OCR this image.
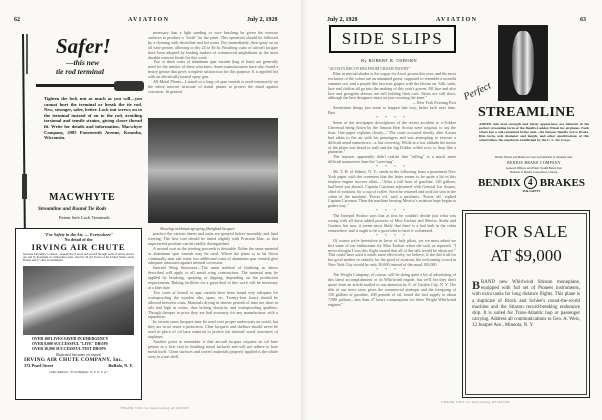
62	AVIATION	July 2, 1928
Safer!
—this new
tie rod terminal
Tighten the lock nut as much as you will—you cannot hurt the terminal or break the tie rod. New, stronger, safer, better. Lock nut screws on to the terminal instead of on to the rod, avoiding torsional and tensile strains, giving closer thread fit. Write for details and information. Macwhyte Company, 2905 Fourteenth Avenue, Kenosha, Wisconsin.
MACWHYTE
Streamline and Round Tie Rods
Patent Safe Lock Terminals
"For Safety in the Air, — Everywhere"
No detail of the
IRVING AIR CHUTE
has been left purely to chance—superiority of every part proved through years of severe service use and by thousands of comparative tests. Used by all Air Forces of the United States, Great Britain and 27 other Governments.
OVER 100 LIVES SAVED IN EMERGENCY
OVER 8,000 SUCCESSFUL "LIVE" DROPS
OVER 30,000 SUCCESSFUL TEST DROPS
Illustrated literature on request
IRVING AIR CHUTE COMPANY, Inc.
372 Pearl Street	Buffalo, N. Y.
Cable Address: "Irvin Buffalo, N. Y. U. S. A."

necessary that a light sanding or wire brushing be given the exterior surfaces to produce a "tooth" for the paint. This operation should be followed by a cleaning with deoxidine and hot water. Dry immediately, then spray on an oil base primer, allowing to dry 24 to 36 hr. Finishing coats of aircraft lacquer have been adopted by leading makers of commercial amphibians as the most durable exterior finish for this work.

Two or three coats of aluminum spar varnish (bag of base) are generally used for the interior of these structures. Some manufacturers have also found a heavy grease that gives complete satisfaction for this purpose. It is applied hot with an electrically heated spray gun.

All-Metal Planes—Lionoil or a long oil spar varnish is used extensively on the entire interior structure of metal planes to protect the dural against corrosion. In general

Showing workman spraying fiberglaid lacquer.

practice the various sheets and units are sprayed before assembly and final riveting. The first coat should be tinted slightly with Prussian blue, so that unprotected portions can be readily distinguished.

A second coat as the riveting proceeds is desirable. Either the same material or aluminum spar varnish may be used. Where the plane is to be flown continually near salt water two additional coats of aluminum spar varnish give adequate insurance against internal corrosion.

Internal Wing Structures—The same method of finishing as above described will apply to all metal wing construction. The material may be applied by brushing, spraying or dipping, depending on the production requirements. Baking facilities for a great deal of this work will be necessary at a later date.

Two coats of lionoil or spar varnish have been found very adequate for waterproofing the wooden ribs, spars, etc. Twenty-four hours should be allowed between coats. Materials drying in shorter periods of time are short in oils and high in resins, thus lacking elasticity and waterproofing qualities. Though cheaper in price they are bad economy for any manufacturer with a reputation.

In certain cases lacquers may be used over proper undercoats on wood, but they are in no sense a protection. Clear lacquers and shellacs should never be used in place of oil base material to protect the internal wood structures of airplanes.

Another point to remember is that aircraft lacquer requires an oil base primer as a first coat in finishing metal surfaces and will not adhere to bare metal itself. Clean surfaces and correct materials properly applied is the whole story in a nut shell.

THANK YOU for mentioning AVIATION
July 2, 1928	AVIATION	63
SIDE SLIPS
By ROBERT R. OSBORN
"ACOSTA RECOVERS FROM CRASH INJURY"

Blue in myriad shades is the vogue for Ascot gowns this year, and the most exclusive of the colors are an unnamed green, supposed to resemble a moonlit summer sea, and a purple like luscious grapes with the bloom on. Silk, satin, lace and chiffon all go into the making of this year's gowns. All lace and also lace and georgette dresses are still holding their own. Skirts are still short, although the best designers insist on just covering the knee."

—New York Evening Post

Sometimes things just seem to happen that way, better luck next time, Bert.

* * * *

Some of the newspaper descriptions of the recent accident to a Fokker Universal being flown by the famous Bert Acosta were original, to say the least. One paper explains clearly—"The crash occurred shortly after Acosta had taken to the air with his passengers and was attempting to execute a difficult aerial manoeuvre—a fast swerving. While at a low altitude the motor of the plane was heard to stall and the big Fokker rolled over, to drop like a plummet."

The reporter apparently didn't realize that "rolling" is a much more difficult manoeuver than the "swerving".

* * * *

Mr. T. H. of Sidney, N. Y., sends in the following from a prominent New York paper with the comment that the latter seems to be quite a bit in this fearless engine success affair—"After a full hour of gasoline, 120 gallons, had been put aboard, Captain Carranza adjourned with General Joe Amaro, chief of aviation, for a cup of coffee. Soon he returned and took his seat in the cabin of the machine. 'Power off,' said a mechanic. 'Power off,' replied Captain Carranza. Then the machine bearing Mexico's aviation hope began to gather way."

* * * *

The Intrepid Aviator says that at first he couldn't decide just what was wrong with all these added pictures of Miss Earhart and Messrs. Stultz and Gordon, but now it seems most likely that there is a bad leak in the cabin somewhere, and it ought to be a good idea to have it vulcanized.

* * * *

Of course we're heretofore in favor of lady pilots, yet we must admit we lost some of our enthusiasm for Miss Earhart when she said, as reported, "I never thought I was this flight started that all of the talk would be about me." This could have used it much more effectively, we believe, if she did it all for her good mother or entirely for the good of aviation, the welcoming crowd in New York City would be only 30,000 instead of the usual 100,000.

* * * *

The Wright Company, of course, will be doing quite a bit of advertising of this latest accomplishment of its Whirlwind engine, but we'll bet they don't quote from an article mailed to our attention by E. of Garden City, N. Y. The title of our news story gives the commercial attempts and the foregoing of 150 gallons of gasoline, 200 pounds of oil, found the fuel supply to about 7,000 gallons—less than 27 hours consumption for these Wright Whirlwind engines."

Perfect
STREAMLINE
ADDED side load strength and better appearance are inherent in the perfect streamline form of the Bendix-Ladden Wheel for airplanes. Each wheel has a self-contained brake unit—the famous Bendix Servo Brake. Rim form, axle diameter and length, and other specifications of this wheel follow the standards established by the U. S. Air Corps.
Bendix Wheels and Brakes are now in production in standard sizes.
BENDIX BRAKE COMPANY
General Offices and Plant: South Bend, Ind.
Division of Bendix Corporation, Chicago
BENDIX 4 BRAKES
FOR SAFETY
FOR SALE
AT $9,000
B RAND new Whirlwind Stinson monoplane, equipped with full set of Pioneer instruments, with extra tanks for long distance flights. This plane is a duplicate of Brock and Schlee's round-the-world machine and the Stinson record-breaking endurance ship. It is suited for Trans-Atlantic hop or passenger carrying. Address all communications to Geo. A. Weis, 12 Juniper Ave., Mineola, N. Y.
THANK YOU for mentioning AVIATION
